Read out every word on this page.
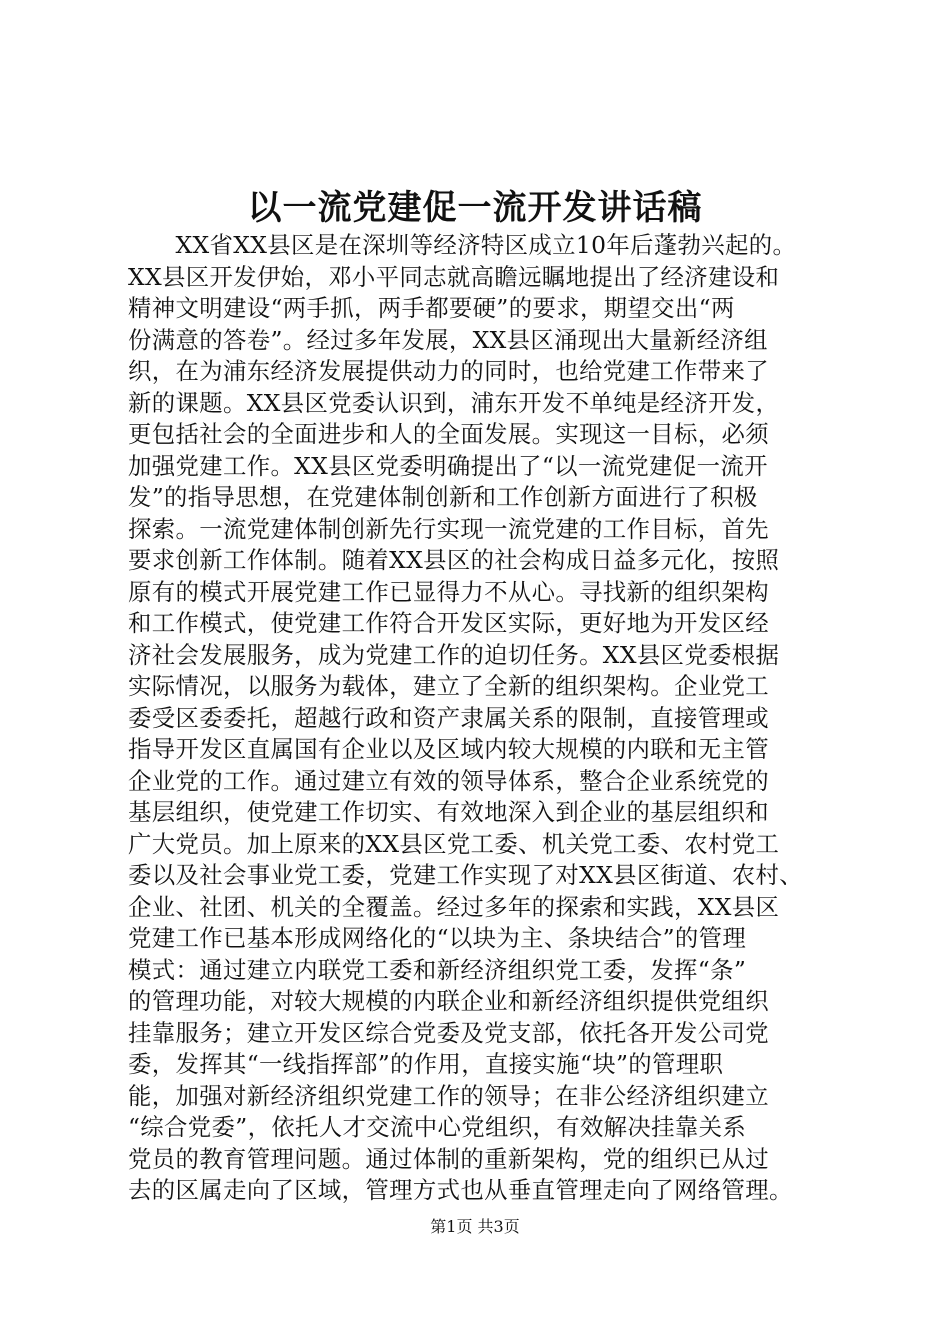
以一流党建促一流开发讲话稿
　　XX省XX县区是在深圳等经济特区成立10年后蓬勃兴起的。
XX县区开发伊始，邓小平同志就高瞻远瞩地提出了经济建设和
精神文明建设“两手抓，两手都要硬”的要求，期望交出“两
份满意的答卷”。经过多年发展，XX县区涌现出大量新经济组
织，在为浦东经济发展提供动力的同时，也给党建工作带来了
新的课题。XX县区党委认识到，浦东开发不单纯是经济开发，
更包括社会的全面进步和人的全面发展。实现这一目标，必须
加强党建工作。XX县区党委明确提出了“以一流党建促一流开
发”的指导思想，在党建体制创新和工作创新方面进行了积极
探索。一流党建体制创新先行实现一流党建的工作目标，首先
要求创新工作体制。随着XX县区的社会构成日益多元化，按照
原有的模式开展党建工作已显得力不从心。寻找新的组织架构
和工作模式，使党建工作符合开发区实际，更好地为开发区经
济社会发展服务，成为党建工作的迫切任务。XX县区党委根据
实际情况，以服务为载体，建立了全新的组织架构。企业党工
委受区委委托，超越行政和资产隶属关系的限制，直接管理或
指导开发区直属国有企业以及区域内较大规模的内联和无主管
企业党的工作。通过建立有效的领导体系，整合企业系统党的
基层组织，使党建工作切实、有效地深入到企业的基层组织和
广大党员。加上原来的XX县区党工委、机关党工委、农村党工
委以及社会事业党工委，党建工作实现了对XX县区街道、农村、
企业、社团、机关的全覆盖。经过多年的探索和实践，XX县区
党建工作已基本形成网络化的“以块为主、条块结合”的管理
模式：通过建立内联党工委和新经济组织党工委，发挥“条”
的管理功能，对较大规模的内联企业和新经济组织提供党组织
挂靠服务；建立开发区综合党委及党支部，依托各开发公司党
委，发挥其“一线指挥部”的作用，直接实施“块”的管理职
能，加强对新经济组织党建工作的领导；在非公经济组织建立
“综合党委”，依托人才交流中心党组织，有效解决挂靠关系
党员的教育管理问题。通过体制的重新架构，党的组织已从过
去的区属走向了区域，管理方式也从垂直管理走向了网络管理。
第1页 共3页
